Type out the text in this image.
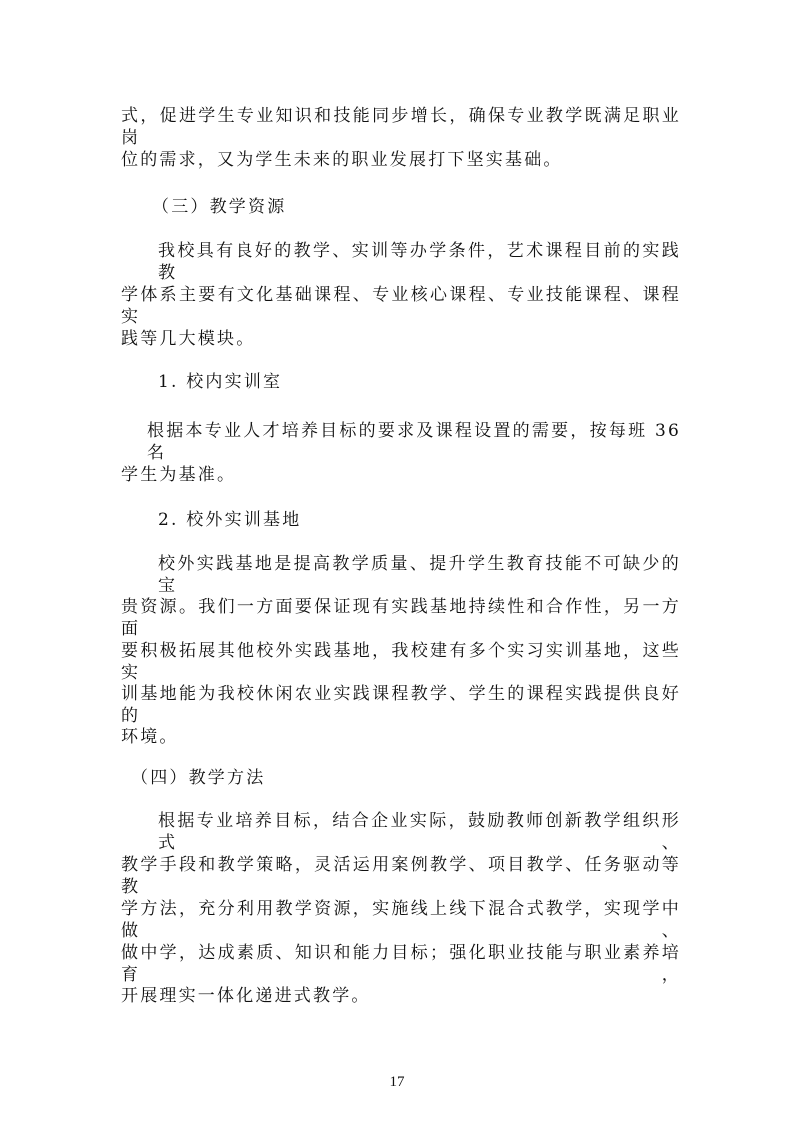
式，促进学生专业知识和技能同步增长，确保专业教学既满足职业岗
位的需求，又为学生未来的职业发展打下坚实基础。
（三）教学资源
我校具有良好的教学、实训等办学条件，艺术课程目前的实践教
学体系主要有文化基础课程、专业核心课程、专业技能课程、课程实
践等几大模块。
1. 校内实训室
根据本专业人才培养目标的要求及课程设置的需要，按每班 36 名
学生为基准。
2. 校外实训基地
校外实践基地是提高教学质量、提升学生教育技能不可缺少的宝
贵资源。我们一方面要保证现有实践基地持续性和合作性，另一方面
要积极拓展其他校外实践基地，我校建有多个实习实训基地，这些实
训基地能为我校休闲农业实践课程教学、学生的课程实践提供良好的
环境。
（四）教学方法
根据专业培养目标，结合企业实际，鼓励教师创新教学组织形式、
教学手段和教学策略，灵活运用案例教学、项目教学、任务驱动等教
学方法，充分利用教学资源，实施线上线下混合式教学，实现学中做、
做中学，达成素质、知识和能力目标；强化职业技能与职业素养培育，
开展理实一体化递进式教学。
17
